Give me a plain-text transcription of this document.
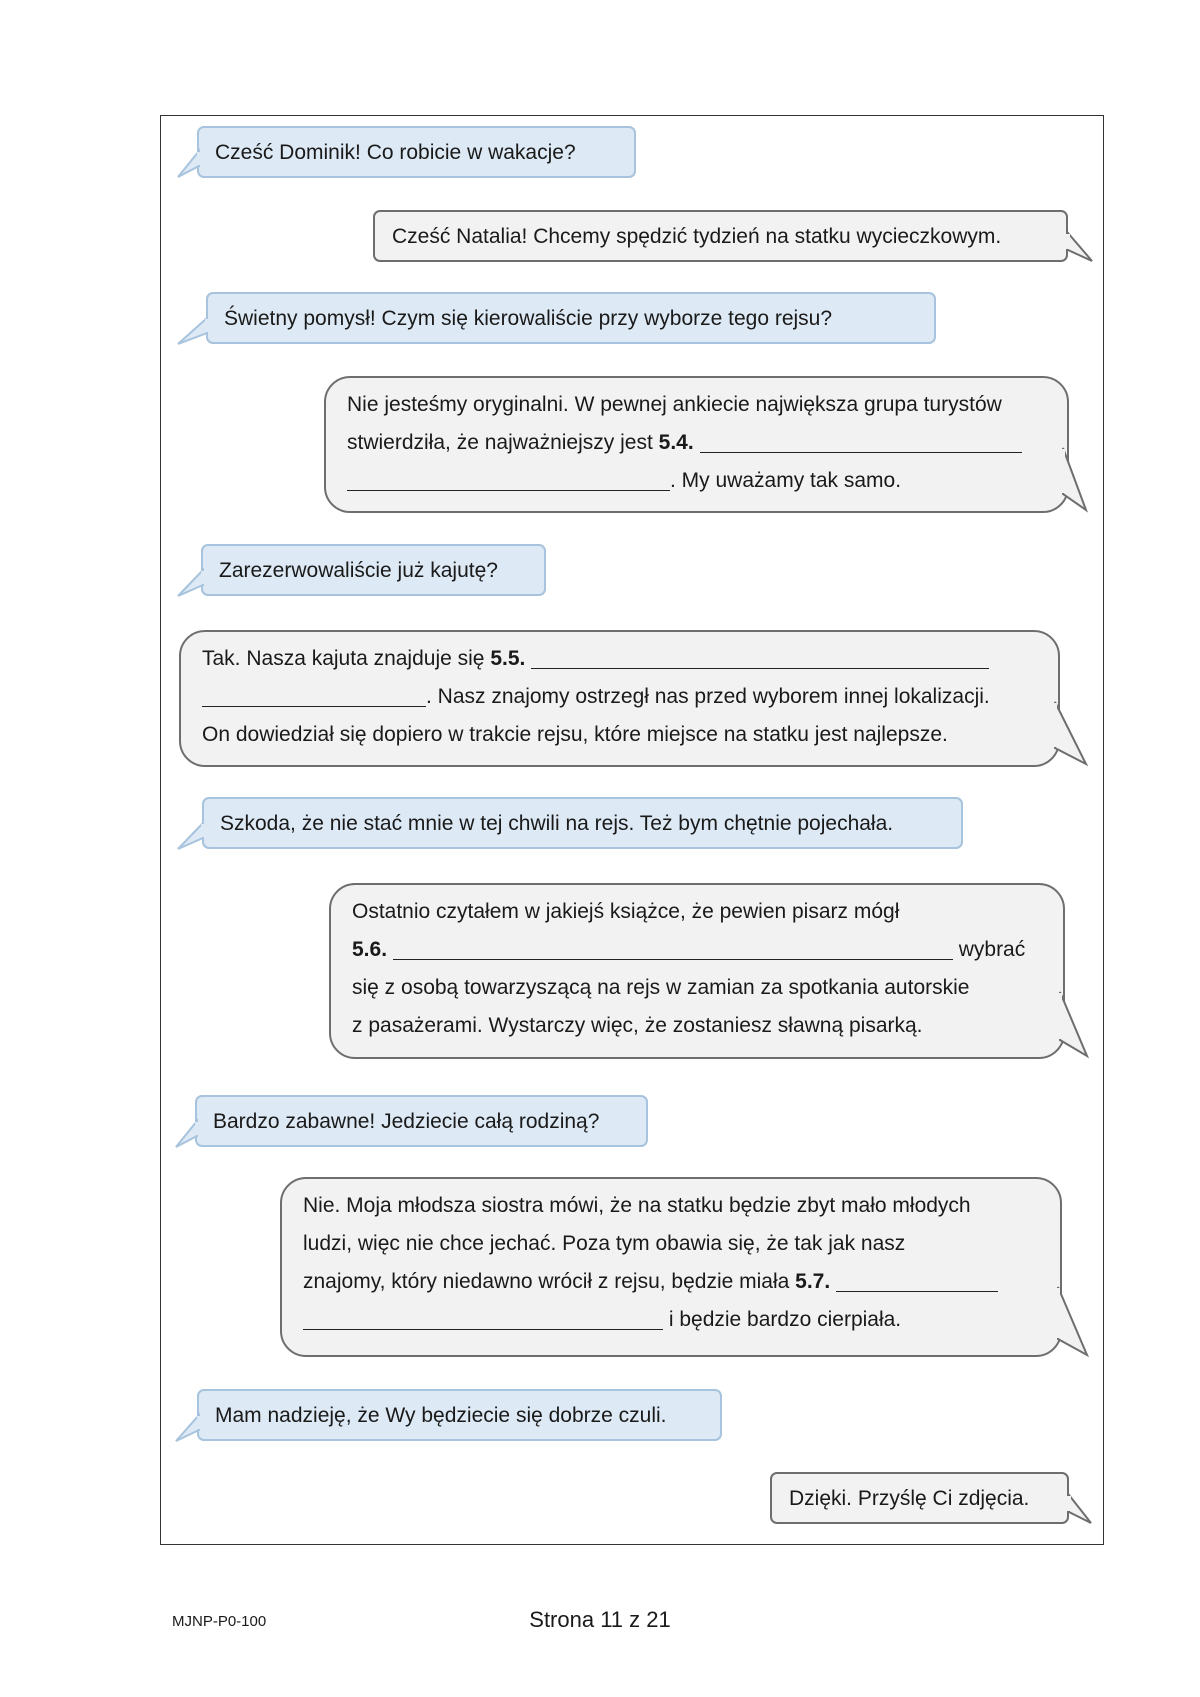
Cześć Dominik! Co robicie w wakacje?
Cześć Natalia! Chcemy spędzić tydzień na statku wycieczkowym.
Świetny pomysł! Czym się kierowaliście przy wyborze tego rejsu?
Nie jesteśmy oryginalni. W pewnej ankiecie największa grupa turystów
stwierdziła, że najważniejszy jest 5.4.
. My uważamy tak samo.
Zarezerwowaliście już kajutę?
Tak. Nasza kajuta znajduje się 5.5.
. Nasz znajomy ostrzegł nas przed wyborem innej lokalizacji.
On dowiedział się dopiero w trakcie rejsu, które miejsce na statku jest najlepsze.
Szkoda, że nie stać mnie w tej chwili na rejs. Też bym chętnie pojechała.
Ostatnio czytałem w jakiejś książce, że pewien pisarz mógł
5.6.	wybrać
się z osobą towarzyszącą na rejs w zamian za spotkania autorskie
z pasażerami. Wystarczy więc, że zostaniesz sławną pisarką.
Bardzo zabawne! Jedziecie całą rodziną?
Nie. Moja młodsza siostra mówi, że na statku będzie zbyt mało młodych
ludzi, więc nie chce jechać. Poza tym obawia się, że tak jak nasz
znajomy, który niedawno wrócił z rejsu, będzie miała 5.7.
i będzie bardzo cierpiała.
Mam nadzieję, że Wy będziecie się dobrze czuli.
Dzięki. Przyślę Ci zdjęcia.
MJNP-P0-100	Strona 11 z 21
